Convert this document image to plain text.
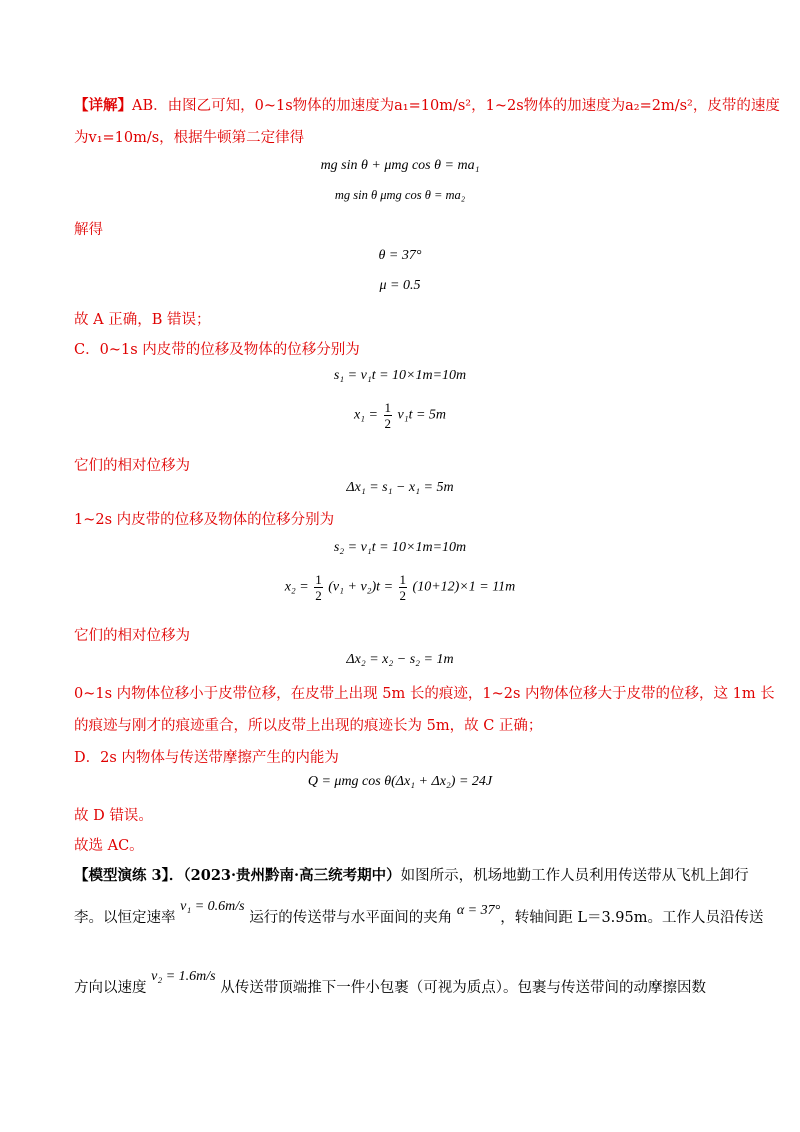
【详解】AB．由图乙可知，0~1s物体的加速度为a₁=10m/s²，1~2s物体的加速度为a₂=2m/s²，皮带的速度
为v₁=10m/s，根据牛顿第二定律得
mg sin θ + μmg cos θ = ma₁
mg sin θ μmg cos θ = ma₂
解得
θ = 37°
μ = 0.5
故 A 正确，B 错误；
C．0~1s 内皮带的位移及物体的位移分别为
s₁ = v₁t = 10×1m=10m
$x_1 = \frac{1}{2} v_1t = 5m$
它们的相对位移为
Δx₁ = s₁ − x₁ = 5m
1~2s 内皮带的位移及物体的位移分别为
s₂ = v₁t = 10×1m=10m
$x_2 = \frac{1}{2} (v_1 + v_2)t = \frac{1}{2} (10+12)\times 1 = 11m$
它们的相对位移为
Δx₂ = x₂ − s₂ = 1m
0~1s 内物体位移小于皮带位移，在皮带上出现 5m 长的痕迹，1~2s 内物体位移大于皮带的位移，这 1m 长
的痕迹与刚才的痕迹重合，所以皮带上出现的痕迹长为 5m，故 C 正确；
D．2s 内物体与传送带摩擦产生的内能为
Q = μmg cos θ(Δx₁ + Δx₂) = 24J
故 D 错误。
故选 AC。
【模型演练 3】．（2023·贵州黔南·高三统考期中）如图所示，机场地勤工作人员利用传送带从飞机上卸行
李。以恒定速率 v₁ = 0.6m/s 运行的传送带与水平面间的夹角 α = 37°，转轴间距 L＝3.95m。工作人员沿传送
方向以速度 v₂ = 1.6m/s 从传送带顶端推下一件小包裹（可视为质点）。包裹与传送带间的动摩擦因数
